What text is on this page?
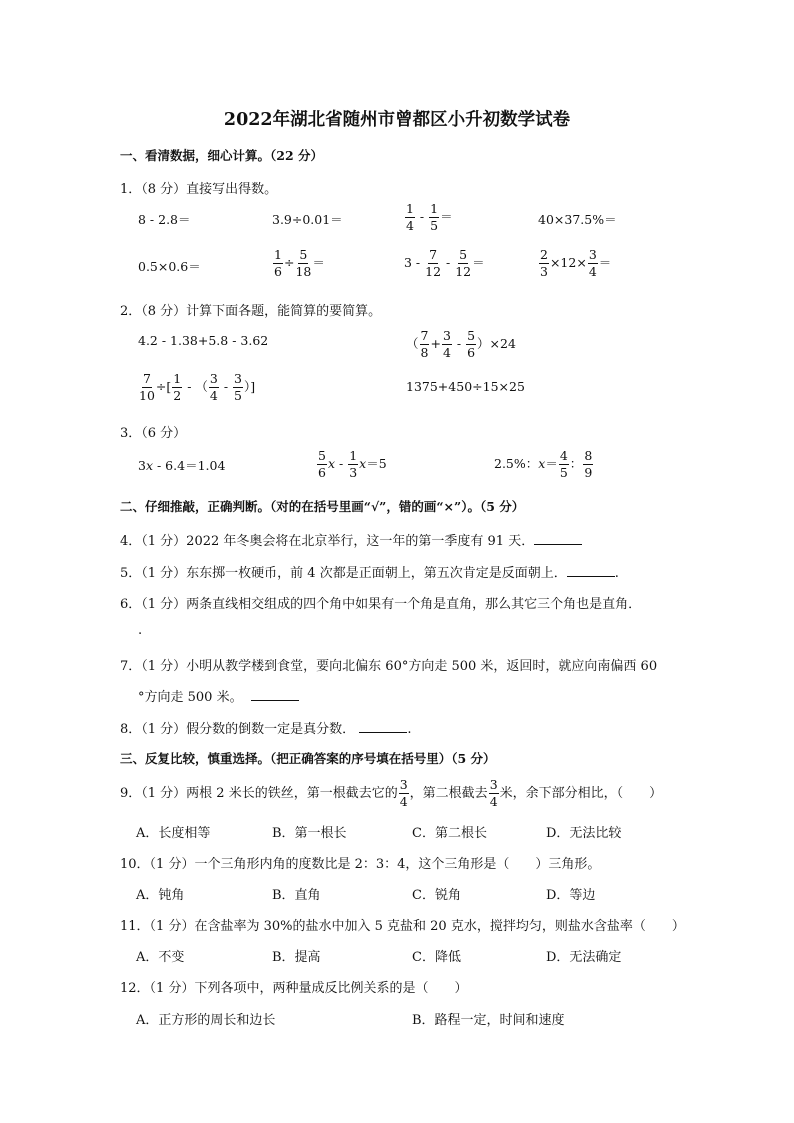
2022年湖北省随州市曾都区小升初数学试卷
一、看清数据，细心计算。（22 分）
1．（8 分）直接写出得数。
8 - 2.8＝	3.9÷0.01＝	$\frac{1}{4} - \frac{1}{5}$ ＝	40×37.5%＝
0.5×0.6＝	$\frac{1}{6} \div \frac{5}{18}$ ＝	$3 - \frac{7}{12} - \frac{5}{12}$ ＝	$\frac{2}{3} \times 12\times \frac{3}{4}$ ＝
2．（8 分）计算下面各题，能简算的要简算。
4.2 - 1.38+5.8 - 3.62	（ $\frac{7}{8} + \frac{3}{4} - \frac{5}{6} )\times 24$
$\frac{7}{10}$ ÷[ $\frac{1}{2}$ - （ $\frac{3}{4} - \frac{3}{5}$ ）]	1375+450÷15×25
3．（6 分）
3x - 6.4＝1.04	$\frac{5}{6}$ $x - \frac{1}{3} x=5$	2.5%：$x= \frac{4}{5}$ ： $\frac{8}{9}$
二、仔细推敲，正确判断。（对的在括号里画“√”，错的画“×”）。（5 分）
4．（1 分）2022 年冬奥会将在北京举行，这一年的第一季度有 91 天．
5．（1 分）东东掷一枚硬币，前 4 次都是正面朝上，第五次肯定是反面朝上．	.
6．（1 分）两条直线相交组成的四个角中如果有一个角是直角，那么其它三个角也是直角．
.
7．（1 分）小明从教学楼到食堂，要向北偏东 60°方向走 500 米，返回时，就应向南偏西 60
°方向走 500 米。
8．（1 分）假分数的倒数一定是真分数．	.
三、反复比较，慎重选择。（把正确答案的序号填在括号里）（5 分）
9．（1 分）两根 2 米长的铁丝，第一根截去它的 $\frac{3}{4}$ ，第二根截去 $\frac{3}{4}$ 米，余下部分相比，（　　）
A．长度相等	B．第一根长	C．第二根长	D．无法比较
10．（1 分）一个三角形内角的度数比是 2：3：4，这个三角形是（　　）三角形。
A．钝角	B．直角	C．锐角	D．等边
11．（1 分）在含盐率为 30%的盐水中加入 5 克盐和 20 克水，搅拌均匀，则盐水含盐率（　　）
A．不变	B．提高	C．降低	D．无法确定
12．（1 分）下列各项中，两种量成反比例关系的是（　　）
A．正方形的周长和边长	B．路程一定，时间和速度
